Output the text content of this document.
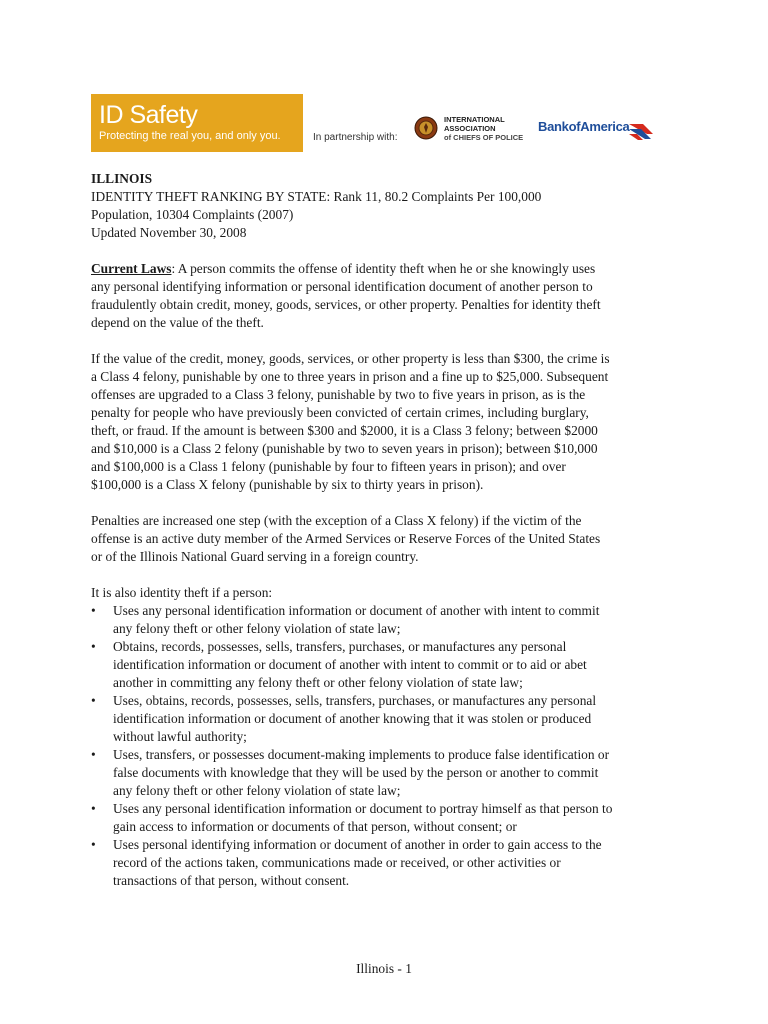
ID Safety
Protecting the real you, and only you.	In partnership with:
INTERNATIONAL
ASSOCIATION
of CHIEFS OF POLICE
BankofAmerica

ILLINOIS

IDENTITY THEFT RANKING BY STATE: Rank 11, 80.2 Complaints Per 100,000

Population, 10304 Complaints (2007)

Updated November 30, 2008

Current Laws: A person commits the offense of identity theft when he or she knowingly uses

any personal identifying information or personal identification document of another person to

fraudulently obtain credit, money, goods, services, or other property. Penalties for identity theft

depend on the value of the theft.

If the value of the credit, money, goods, services, or other property is less than $300, the crime is

a Class 4 felony, punishable by one to three years in prison and a fine up to $25,000. Subsequent

offenses are upgraded to a Class 3 felony, punishable by two to five years in prison, as is the

penalty for people who have previously been convicted of certain crimes, including burglary,

theft, or fraud. If the amount is between $300 and $2000, it is a Class 3 felony; between $2000

and $10,000 is a Class 2 felony (punishable by two to seven years in prison); between $10,000

and $100,000 is a Class 1 felony (punishable by four to fifteen years in prison); and over

$100,000 is a Class X felony (punishable by six to thirty years in prison).

Penalties are increased one step (with the exception of a Class X felony) if the victim of the

offense is an active duty member of the Armed Services or Reserve Forces of the United States

or of the Illinois National Guard serving in a foreign country.

It is also identity theft if a person:

• Uses any personal identification information or document of another with intent to commit
any felony theft or other felony violation of state law;
• Obtains, records, possesses, sells, transfers, purchases, or manufactures any personal
identification information or document of another with intent to commit or to aid or abet
another in committing any felony theft or other felony violation of state law;
• Uses, obtains, records, possesses, sells, transfers, purchases, or manufactures any personal
identification information or document of another knowing that it was stolen or produced
without lawful authority;
• Uses, transfers, or possesses document-making implements to produce false identification or
false documents with knowledge that they will be used by the person or another to commit
any felony theft or other felony violation of state law;
• Uses any personal identification information or document to portray himself as that person to
gain access to information or documents of that person, without consent; or
• Uses personal identifying information or document of another in order to gain access to the
record of the actions taken, communications made or received, or other activities or
transactions of that person, without consent.
Illinois - 1
